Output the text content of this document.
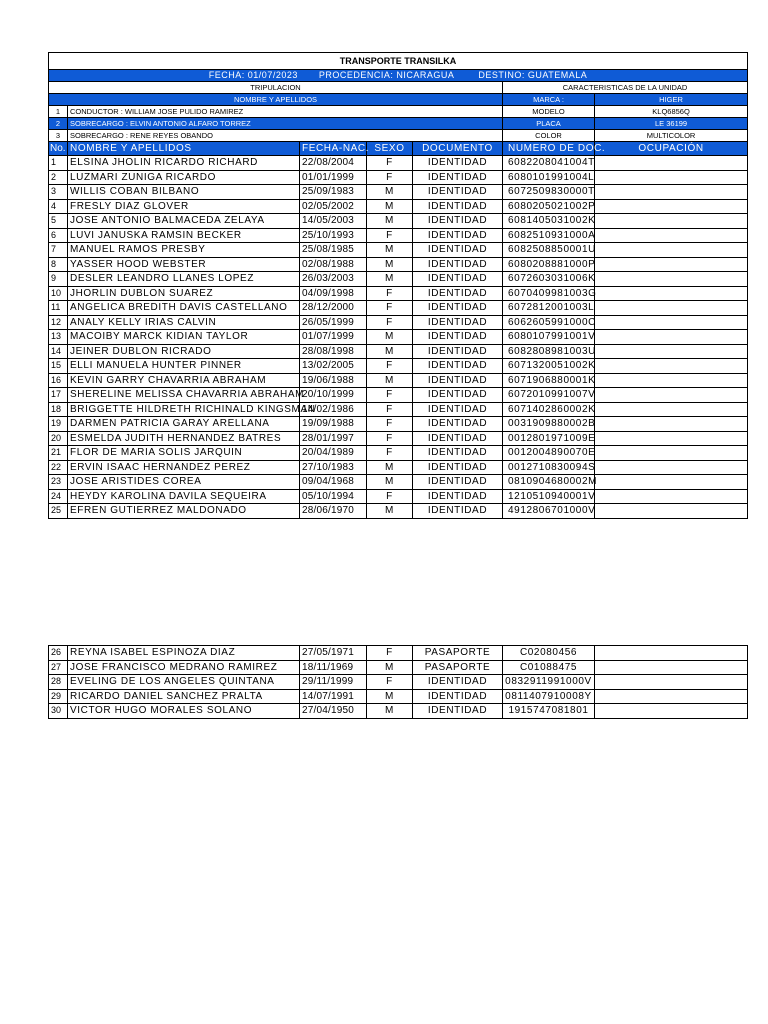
TRANSPORTE TRANSILKA						
FECHA: 01/07/2023 PROCEDENCIA: NICARAGUA DESTINO: GUATEMALA						
TRIPULACION					CARACTERISTICAS DE LA UNIDAD	
NOMBRE Y APELLIDOS					MARCA :	HIGER
1	CONDUCTOR : WILLIAM JOSE PULIDO RAMIREZ				MODELO	KLQ6856Q
2	SOBRECARGO : ELVIN ANTONIO ALFARO TORREZ				PLACA	LE 36199
3	SOBRECARGO : RENE REYES OBANDO				COLOR	MULTICOLOR
No.	NOMBRE Y APELLIDOS	FECHA-NAC.	SEXO	DOCUMENTO	NUMERO DE DOC.	OCUPACIÓN
1	ELSINA JHOLIN RICARDO RICHARD	22/08/2004	F	IDENTIDAD	6082208041004T	
2	LUZMARI ZUNIGA RICARDO	01/01/1999	F	IDENTIDAD	6080101991004L	
3	WILLIS COBAN BILBANO	25/09/1983	M	IDENTIDAD	6072509830000T	
4	FRESLY DIAZ GLOVER	02/05/2002	M	IDENTIDAD	6080205021002P	
5	JOSE ANTONIO BALMACEDA ZELAYA	14/05/2003	M	IDENTIDAD	6081405031002K	
6	LUVI JANUSKA RAMSIN BECKER	25/10/1993	F	IDENTIDAD	6082510931000A	
7	MANUEL RAMOS PRESBY	25/08/1985	M	IDENTIDAD	6082508850001U	
8	YASSER HOOD WEBSTER	02/08/1988	M	IDENTIDAD	6080208881000P	
9	DESLER LEANDRO LLANES LOPEZ	26/03/2003	M	IDENTIDAD	6072603031006K	
10	JHORLIN DUBLON SUAREZ	04/09/1998	F	IDENTIDAD	6070409981003G	
11	ANGELICA BREDITH DAVIS CASTELLANO	28/12/2000	F	IDENTIDAD	6072812001003L	
12	ANALY KELLY IRIAS CALVIN	26/05/1999	F	IDENTIDAD	6062605991000C	
13	MACOIBY MARCK KIDIAN TAYLOR	01/07/1999	M	IDENTIDAD	6080107991001V	
14	JEINER DUBLON RICRADO	28/08/1998	M	IDENTIDAD	6082808981003U	
15	ELLI MANUELA HUNTER PINNER	13/02/2005	F	IDENTIDAD	6071320051002K	
16	KEVIN GARRY CHAVARRIA ABRAHAM	19/06/1988	M	IDENTIDAD	6071906880001K	
17	SHERELINE MELISSA CHAVARRIA ABRAHAM	20/10/1999	F	IDENTIDAD	6072010991007V	
18	BRIGGETTE HILDRETH RICHINALD KINGSMAN	14/02/1986	F	IDENTIDAD	6071402860002K	
19	DARMEN PATRICIA GARAY ARELLANA	19/09/1988	F	IDENTIDAD	0031909880002B	
20	ESMELDA JUDITH HERNANDEZ BATRES	28/01/1997	F	IDENTIDAD	0012801971009E	
21	FLOR DE MARIA SOLIS JARQUIN	20/04/1989	F	IDENTIDAD	0012004890070E	
22	ERVIN ISAAC HERNANDEZ PEREZ	27/10/1983	M	IDENTIDAD	0012710830094S	
23	JOSE ARISTIDES COREA	09/04/1968	M	IDENTIDAD	0810904680002M	
24	HEYDY KAROLINA DAVILA SEQUEIRA	05/10/1994	F	IDENTIDAD	1210510940001V	
25	EFREN GUTIERREZ MALDONADO	28/06/1970	M	IDENTIDAD	4912806701000V	
26	REYNA ISABEL ESPINOZA DIAZ	27/05/1971	F	PASAPORTE	C02080456	
27	JOSE FRANCISCO MEDRANO RAMIREZ	18/11/1969	M	PASAPORTE	C01088475	
28	EVELING DE LOS ANGELES QUINTANA	29/11/1999	F	IDENTIDAD	0832911991000V	
29	RICARDO DANIEL SANCHEZ PRALTA	14/07/1991	M	IDENTIDAD	0811407910008Y	
30	VICTOR HUGO MORALES SOLANO	27/04/1950	M	IDENTIDAD	1915747081801	
